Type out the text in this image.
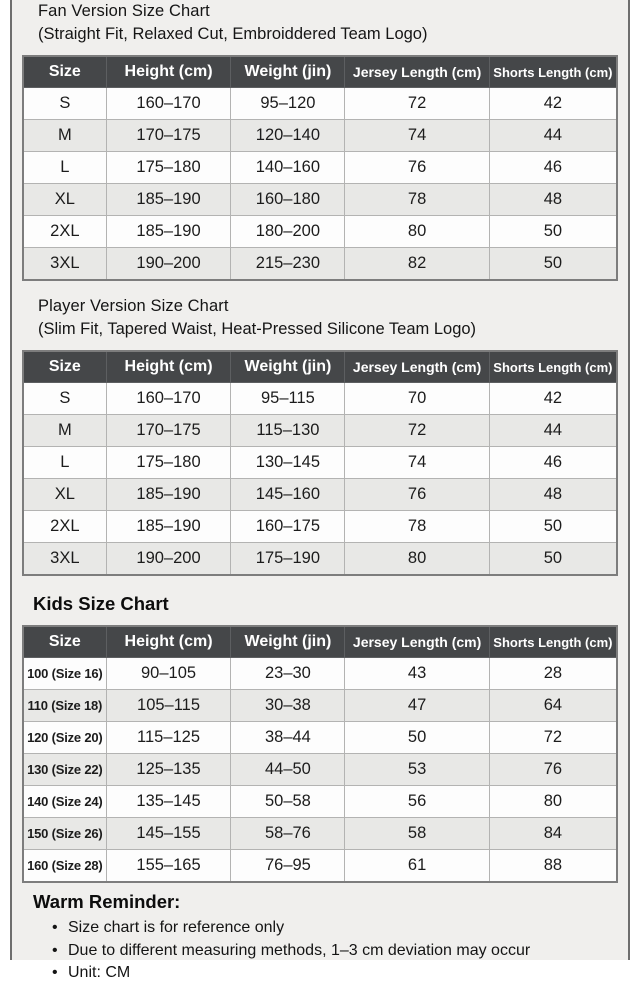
Fan Version Size Chart
(Straight Fit, Relaxed Cut, Embroiddered Team Logo)
Size	Height (cm)	Weight (jin)	Jersey Length (cm)	Shorts Length (cm)
S	160–170	95–120	72	42
M	170–175	120–140	74	44
L	175–180	140–160	76	46
XL	185–190	160–180	78	48
2XL	185–190	180–200	80	50
3XL	190–200	215–230	82	50
Player Version Size Chart
(Slim Fit, Tapered Waist, Heat-Pressed Silicone Team Logo)
Size	Height (cm)	Weight (jin)	Jersey Length (cm)	Shorts Length (cm)
S	160–170	95–115	70	42
M	170–175	115–130	72	44
L	175–180	130–145	74	46
XL	185–190	145–160	76	48
2XL	185–190	160–175	78	50
3XL	190–200	175–190	80	50
Kids Size Chart
Size	Height (cm)	Weight (jin)	Jersey Length (cm)	Shorts Length (cm)
100 (Size 16)	90–105	23–30	43	28
110 (Size 18)	105–115	30–38	47	64
120 (Size 20)	115–125	38–44	50	72
130 (Size 22)	125–135	44–50	53	76
140 (Size 24)	135–145	50–58	56	80
150 (Size 26)	145–155	58–76	58	84
160 (Size 28)	155–165	76–95	61	88
Warm Reminder:
• Size chart is for reference only
• Due to different measuring methods, 1–3 cm deviation may occur
• Unit: CM
